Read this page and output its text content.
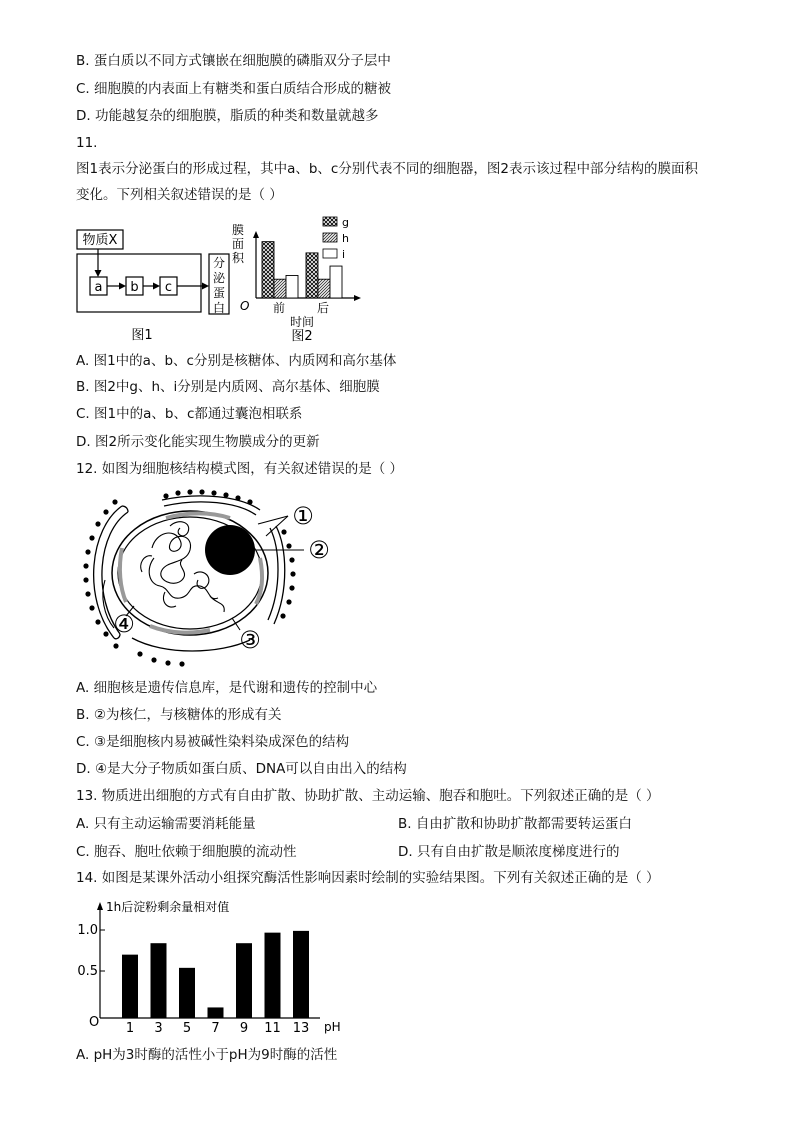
B. 蛋白质以不同方式镶嵌在细胞膜的磷脂双分子层中
C. 细胞膜的内表面上有糖类和蛋白质结合形成的糖被
D. 功能越复杂的细胞膜，脂质的种类和数量就越多
11.
图1表示分泌蛋白的形成过程，其中a、b、c分别代表不同的细胞器，图2表示该过程中部分结构的膜面积
变化。下列相关叙述错误的是（ ）
物质X
a b c
分
泌
蛋
白
图1
膜
面
积
O 前	后
时间
图2
g
h
i
A. 图1中的a、b、c分别是核糖体、内质网和高尔基体
B. 图2中g、h、i分别是内质网、高尔基体、细胞膜
C. 图1中的a、b、c都通过囊泡相联系
D. 图2所示变化能实现生物膜成分的更新
12. 如图为细胞核结构模式图，有关叙述错误的是（ ）
①
②
③
④
A. 细胞核是遗传信息库，是代谢和遗传的控制中心
B. ②为核仁，与核糖体的形成有关
C. ③是细胞核内易被碱性染料染成深色的结构
D. ④是大分子物质如蛋白质、DNA可以自由出入的结构
13. 物质进出细胞的方式有自由扩散、协助扩散、主动运输、胞吞和胞吐。下列叙述正确的是（ ）
A. 只有主动运输需要消耗能量	B. 自由扩散和协助扩散都需要转运蛋白
C. 胞吞、胞吐依赖于细胞膜的流动性	D. 只有自由扩散是顺浓度梯度进行的
14. 如图是某课外活动小组探究酶活性影响因素时绘制的实验结果图。下列有关叙述正确的是（ ）
1h后淀粉剩余量相对值
1.0
0.5
O 1 3 5 7 9 11 13 pH
A. pH为3时酶的活性小于pH为9时酶的活性
